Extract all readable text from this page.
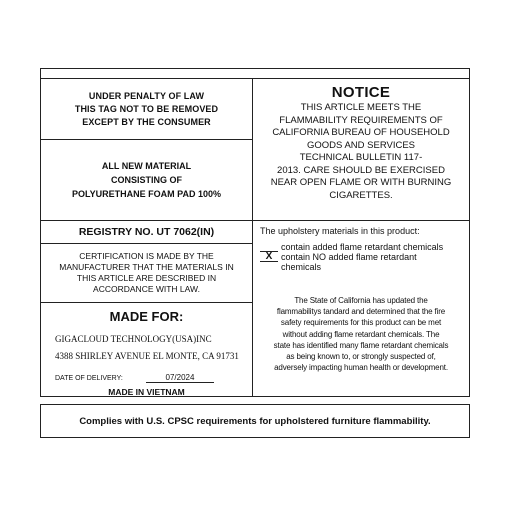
UNDER PENALTY OF LAW
THIS TAG NOT TO BE REMOVED
EXCEPT BY THE CONSUMER
ALL NEW MATERIAL
CONSISTING OF
POLYURETHANE FOAM PAD 100%
REGISTRY NO. UT 7062(IN)
CERTIFICATION IS MADE BY THE
MANUFACTURER THAT THE MATERIALS IN
THIS ARTICLE ARE DESCRIBED IN
ACCORDANCE WITH LAW.
MADE FOR:
GIGACLOUD TECHNOLOGY(USA)INC
4388 SHIRLEY AVENUE EL MONTE, CA 91731
DATE OF DELIVERY:	07/2024
MADE IN VIETNAM
NOTICE
THIS ARTICLE MEETS THE
FLAMMABILITY REQUIREMENTS OF
CALIFORNIA BUREAU OF HOUSEHOLD
GOODS AND SERVICES
TECHNICAL BULLETIN 117-
2013. CARE SHOULD BE EXERCISED
NEAR OPEN FLAME OR WITH BURNING
CIGARETTES.
The upholstery materials in this product:
contain added flame retardant chemicals
X contain NO added flame retardant
chemicals
The State of California has updated the
flammabilitys tandard and determined that the fire
safety requirements for this product can be met
without adding flame retardant chemicals. The
state has identified many flame retardant chemicals
as being known to, or strongly suspected of,
adversely impacting human health or development.
Complies with U.S. CPSC requirements for upholstered furniture flammability.
